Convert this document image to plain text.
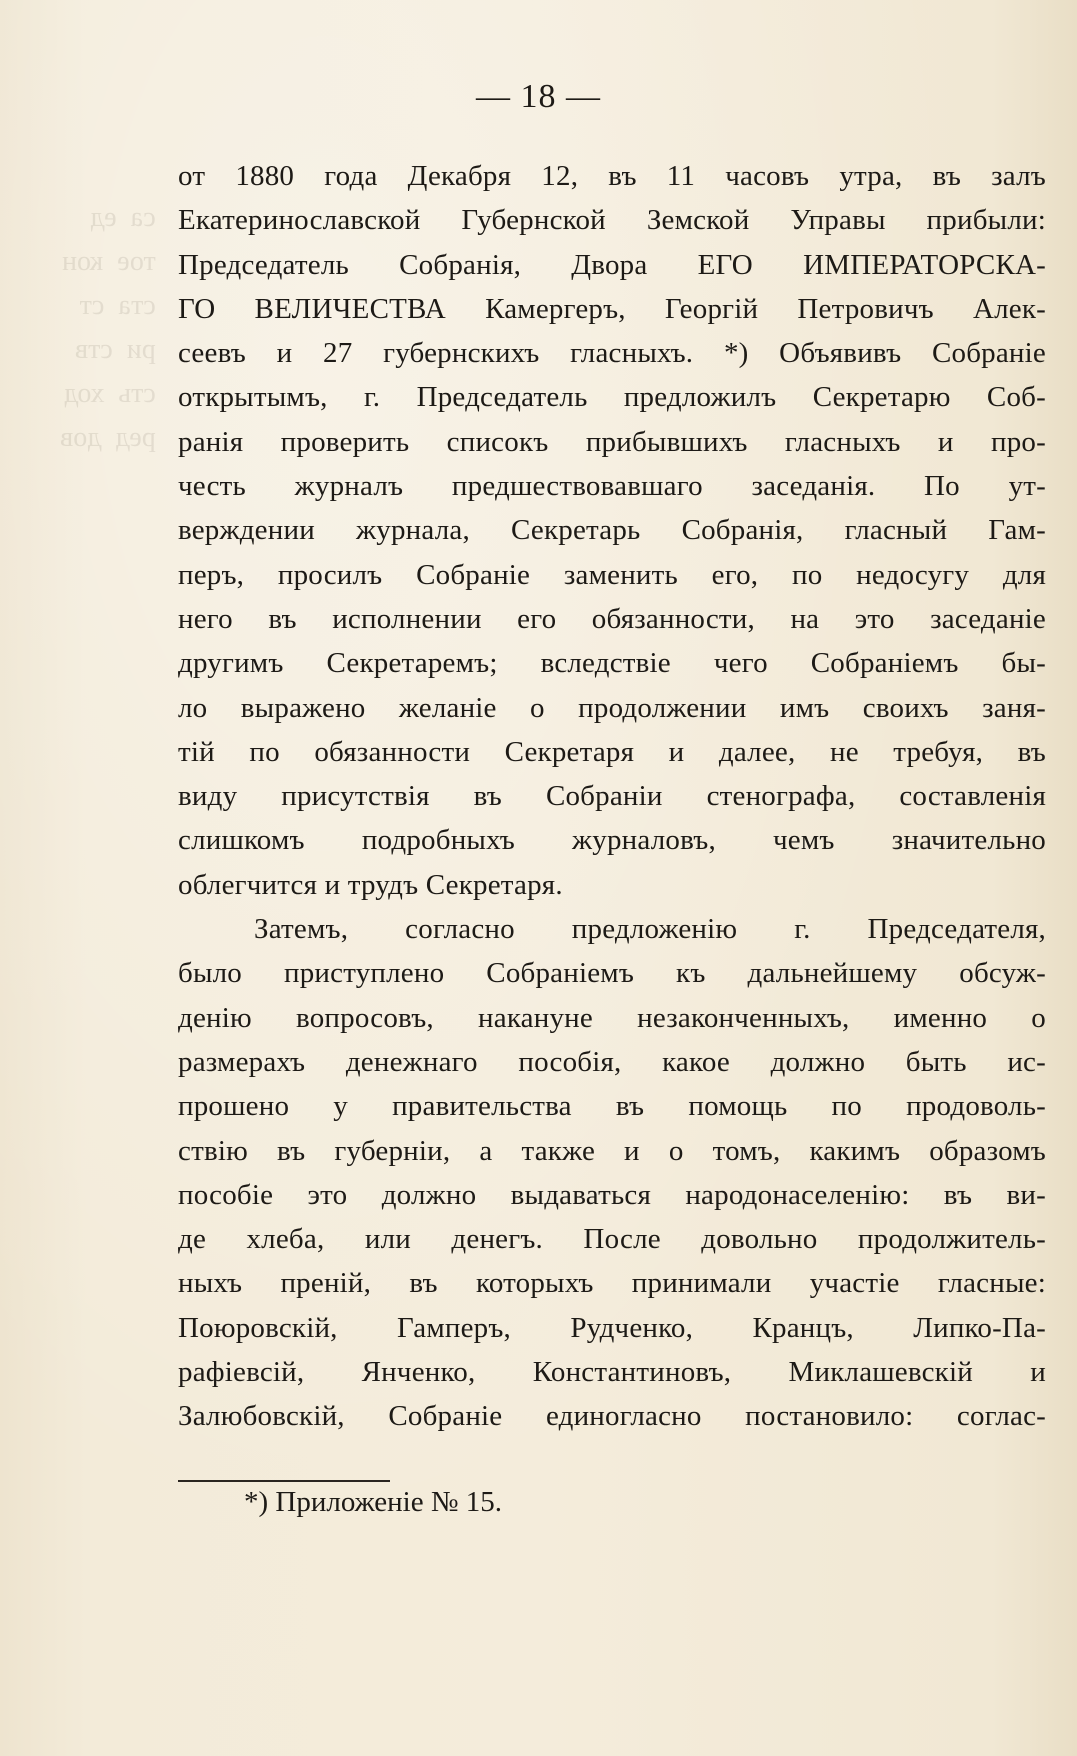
са  ед
тое  кон
ста  ст
ри  ств
сть  ход
ред  дов
— 18 —
от 1880 года Декабря 12, въ 11 часовъ утра, въ залъ
Екатеринославской Губернской Земской Управы прибыли:
Председатель Собранія, Двора ЕГО ИМПЕРАТОРСКА-
ГО ВЕЛИЧЕСТВА Камергеръ, Георгій Петровичъ Алек-
сеевъ и 27 губернскихъ гласныхъ. *) Объявивъ Собраніе
открытымъ, г. Председатель предложилъ Секретарю Соб-
ранія проверить списокъ прибывшихъ гласныхъ и про-
честь журналъ предшествовавшаго заседанія. По ут-
верждении журнала, Секретарь Собранія, гласный Гам-
перъ, просилъ Собраніе заменить его, по недосугу для
него въ исполнении его обязанности, на это заседаніе
другимъ Секретаремъ; вследствіе чего Собраніемъ бы-
ло выражено желаніе о продолжении имъ своихъ заня-
тій по обязанности Секретаря и далее, не требуя, въ
виду присутствія въ Собраніи стенографа, составленія
слишкомъ подробныхъ журналовъ, чемъ значительно
облегчится и трудъ Секретаря.
Затемъ, согласно предложенію г. Председателя,
было приступлено Собраніемъ къ дальнейшему обсуж-
денію вопросовъ, накануне незаконченныхъ, именно о
размерахъ денежнаго пособія, какое должно быть ис-
прошено у правительства въ помощь по продоволь-
ствію въ губерніи, а также и о томъ, какимъ образомъ
пособіе это должно выдаваться народонаселенію: въ ви-
де хлеба, или денегъ. После довольно продолжитель-
ныхъ преній, въ которыхъ принимали участіе гласные:
Поюровскій, Гамперъ, Рудченко, Кранцъ, Липко-Па-
рафіевсій, Янченко, Константиновъ, Миклашевскій и
Залюбовскій, Собраніе единогласно постановило: соглас-
*) Приложеніе № 15.
